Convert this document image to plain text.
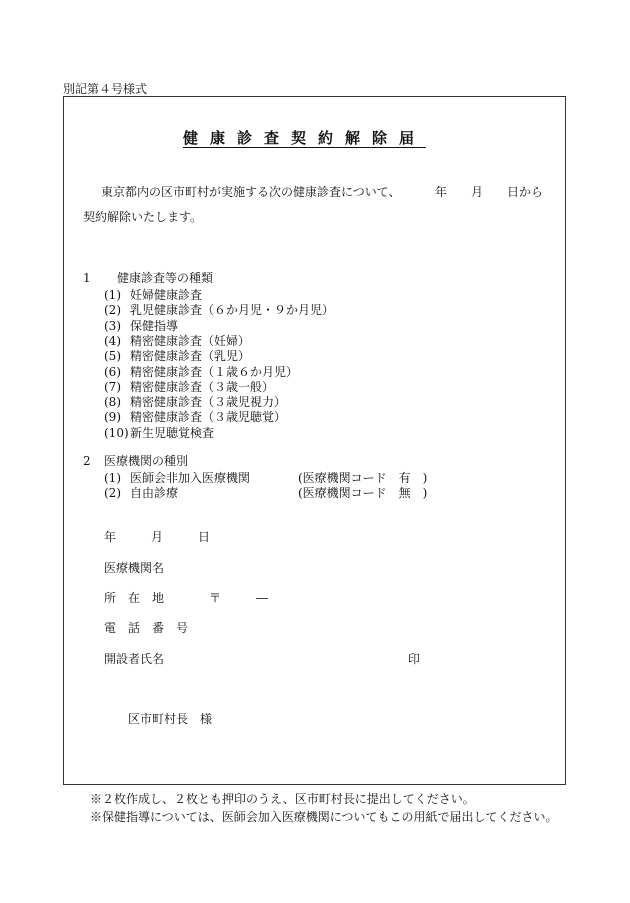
別記第４号様式
健康診査契約解除届
東京都内の区市町村が実施する次の健康診査について、	年 月 日から
契約解除いたします。
1 健康診査等の種類
(1) 妊婦健康診査
(2) 乳児健康診査（６か月児・９か月児）
(3) 保健指導
(4) 精密健康診査（妊婦）
(5) 精密健康診査（乳児）
(6) 精密健康診査（１歳６か月児）
(7) 精密健康診査（３歳一般）
(8) 精密健康診査（３歳児視力）
(9) 精密健康診査（３歳児聴覚）
(10)新生児聴覚検査
2 医療機関の種別
(1) 医師会非加入医療機関	(医療機関コード　有　)
(2) 自由診療	(医療機関コード　無　)
年	月	日
医療機関名
所　在　地	〒	―
電　話　番　号
開設者氏名	印
区市町村長　様
※２枚作成し、２枚とも押印のうえ、区市町村長に提出してください。
※保健指導については、医師会加入医療機関についてもこの用紙で届出してください。
